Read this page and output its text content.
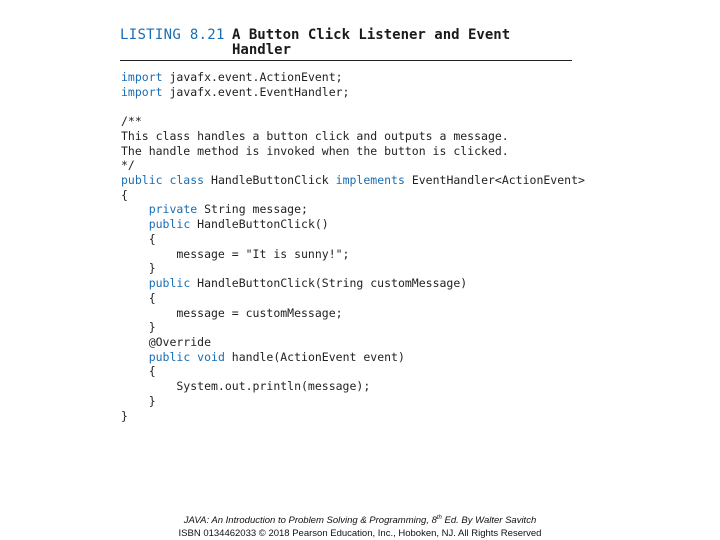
LISTING 8.21 A Button Click Listener and Event Handler
import javafx.event.ActionEvent;
import javafx.event.EventHandler;
/**
This class handles a button click and outputs a message.
The handle method is invoked when the button is clicked.
*/
public class HandleButtonClick implements EventHandler<ActionEvent>
{
private String message;
public HandleButtonClick()
{
message = "It is sunny!";
}
public HandleButtonClick(String customMessage)
{
message = customMessage;
}
@Override
public void handle(ActionEvent event)
{
System.out.println(message);
}
}
JAVA: An Introduction to Problem Solving & Programming, 8th Ed. By Walter Savitch
ISBN 0134462033 © 2018 Pearson Education, Inc., Hoboken, NJ. All Rights Reserved
